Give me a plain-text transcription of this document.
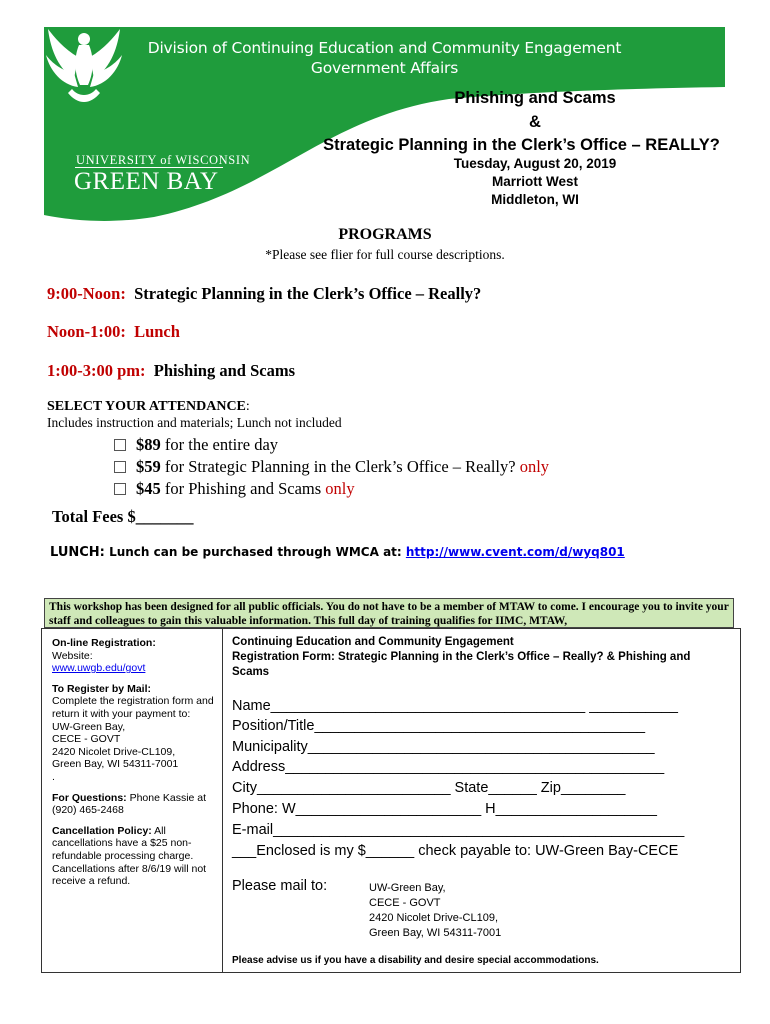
Division of Continuing Education and Community Engagement
Government Affairs
UNIVERSITY of WISCONSIN
GREEN BAY
Phishing and Scams
&
Strategic Planning in the Clerk’s Office – REALLY?
Tuesday, August 20, 2019
Marriott West
Middleton, WI
PROGRAMS
*Please see flier for full course descriptions.
9:00-Noon: Strategic Planning in the Clerk’s Office – Really?
Noon-1:00: Lunch
1:00-3:00 pm: Phishing and Scams
SELECT YOUR ATTENDANCE:
Includes instruction and materials; Lunch not included
$89 for the entire day
$59 for Strategic Planning in the Clerk’s Office – Really? only
$45 for Phishing and Scams only
Total Fees $_______
LUNCH: Lunch can be purchased through WMCA at: http://www.cvent.com/d/wyq801
This workshop has been designed for all public officials. You do not have to be a member of MTAW to come. I encourage you to invite your staff and colleagues to gain this valuable information. This full day of training qualifies for IIMC, MTAW,
On-line Registration:
Website:
www.uwgb.edu/govt
To Register by Mail:
Complete the registration form and return it with your payment to:
UW-Green Bay,
CECE - GOVT
2420 Nicolet Drive-CL109,
Green Bay, WI 54311-7001
.
For Questions: Phone Kassie at (920) 465-2468
Cancellation Policy: All cancellations have a $25 non-refundable processing charge. Cancellations after 8/6/19 will not receive a refund.
Continuing Education and Community Engagement
Registration Form: Strategic Planning in the Clerk’s Office – Really? & Phishing and Scams
Name_______________________________________ ___________
Position/Title_________________________________________
Municipality___________________________________________
Address_______________________________________________
City________________________ State______ Zip________
Phone: W_______________________ H____________________
E-mail___________________________________________________
___Enclosed is my $______ check payable to: UW-Green Bay-CECE
Please mail to:	UW-Green Bay,
CECE - GOVT
2420 Nicolet Drive-CL109,
Green Bay, WI 54311-7001
Please advise us if you have a disability and desire special accommodations.
